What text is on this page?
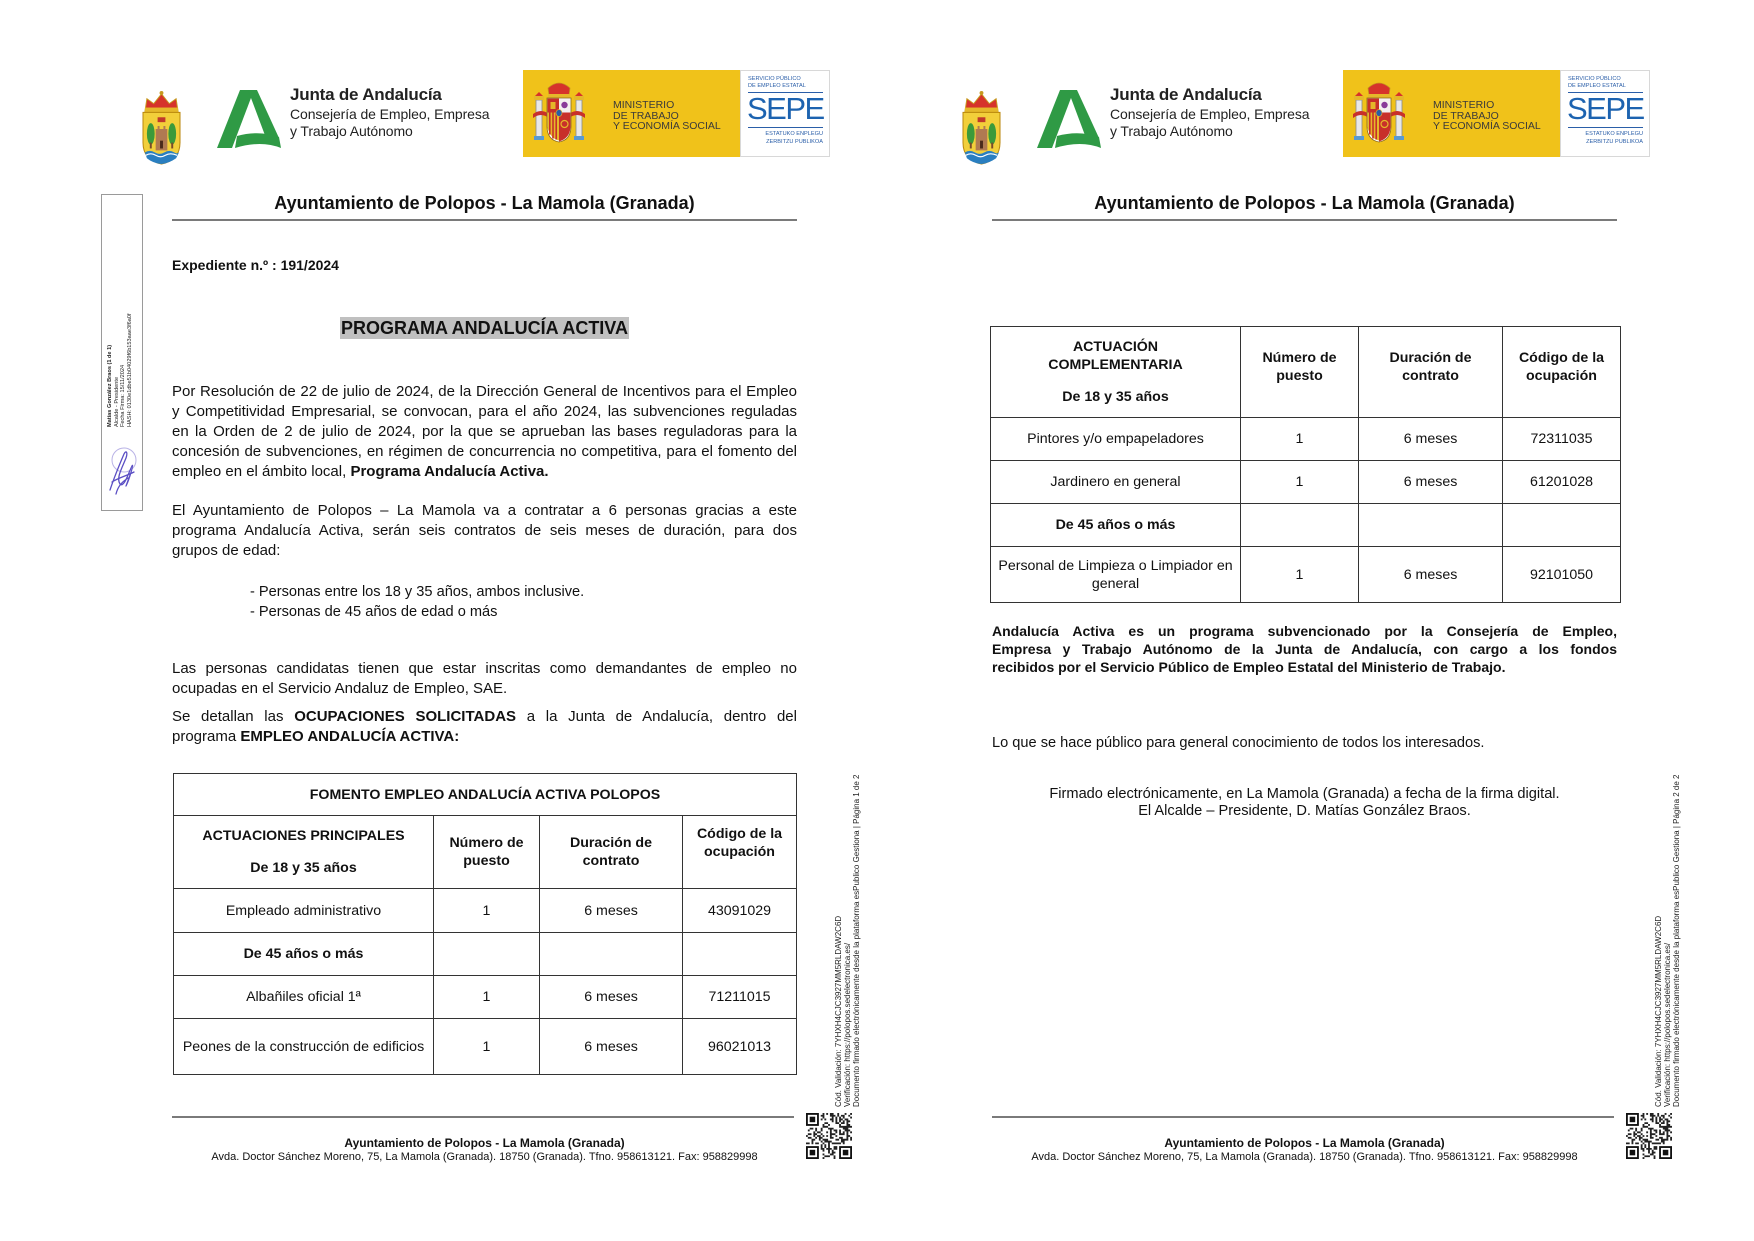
Junta de Andalucía
Consejería de Empleo, Empresa
y Trabajo Autónomo
MINISTERIO
DE TRABAJO
Y ECONOMÍA SOCIAL
SERVICIO PÚBLICO
DE EMPLEO ESTATAL
SEPE
ESTATUKO ENPLEGU
ZERBITZU PUBLIKOA
Matías González Braos (1 de 1) Alcalde - Presidente Fecha Firma: 15/11/2024 HASH: 0130e1dbe51b04029f6b153aae3f6a0f
Ayuntamiento de Polopos - La Mamola (Granada)
Expediente n.º : 191/2024
PROGRAMA ANDALUCÍA ACTIVA
Por Resolución de 22 de julio de 2024, de la Dirección General de Incentivos para el Empleo
y Competitividad Empresarial, se convocan, para el año 2024, las subvenciones reguladas
en la Orden de 2 de julio de 2024, por la que se aprueban las bases reguladoras para la
concesión de subvenciones, en régimen de concurrencia no competitiva, para el fomento del
empleo en el ámbito local, Programa Andalucía Activa.
El Ayuntamiento de Polopos – La Mamola va a contratar a 6 personas gracias a este
programa Andalucía Activa, serán seis contratos de seis meses de duración, para dos
grupos de edad:
- Personas entre los 18 y 35 años, ambos inclusive.
- Personas de 45 años de edad o más
Las personas candidatas tienen que estar inscritas como demandantes de empleo no
ocupadas en el Servicio Andaluz de Empleo, SAE.
Se detallan las OCUPACIONES SOLICITADAS a la Junta de Andalucía, dentro del
programa EMPLEO ANDALUCÍA ACTIVA:
FOMENTO EMPLEO ANDALUCÍA ACTIVA POLOPOS			

ACTUACIONES PRINCIPALES
De 18 y 35 años	Número de puesto	Duración de contrato	Código de la ocupación
Empleado administrativo	1	6 meses	43091029
De 45 años o más			
Albañiles oficial 1ª	1	6 meses	71211015
Peones de la construcción de edificios	1	6 meses	96021013	Cód. Validación: 7YHXH4CJC3927MM5RLDAW2C6D Verificación: https://polopos.sedelectronica.es/ Documento firmado electrónicamente desde la plataforma esPublico Gestiona | Página 1 de 2
Ayuntamiento de Polopos - La Mamola (Granada)
Avda. Doctor Sánchez Moreno, 75, La Mamola (Granada). 18750 (Granada). Tfno. 958613121. Fax: 958829998
Junta de Andalucía
Consejería de Empleo, Empresa
y Trabajo Autónomo
MINISTERIO
DE TRABAJO
Y ECONOMÍA SOCIAL
SERVICIO PÚBLICO
DE EMPLEO ESTATAL
SEPE
ESTATUKO ENPLEGU
ZERBITZU PUBLIKOA
Ayuntamiento de Polopos - La Mamola (Granada)
ACTUACIÓN
COMPLEMENTARIA
De 18 y 35 años	Número de puesto	Duración de contrato	Código de la ocupación
Pintores y/o empapeladores	1	6 meses	72311035
Jardinero en general	1	6 meses	61201028
De 45 años o más			
Personal de Limpieza o Limpiador en general	1	6 meses	92101050
Andalucía Activa es un programa subvencionado por la Consejería de Empleo,
Empresa y Trabajo Autónomo de la Junta de Andalucía, con cargo a los fondos
recibidos por el Servicio Público de Empleo Estatal del Ministerio de Trabajo.
Lo que se hace público para general conocimiento de todos los interesados.
Firmado electrónicamente, en La Mamola (Granada) a fecha de la firma digital.
El Alcalde – Presidente, D. Matías González Braos.
Cód. Validación: 7YHXH4CJC3927MM5RLDAW2C6D Verificación: https://polopos.sedelectronica.es/ Documento firmado electrónicamente desde la plataforma esPublico Gestiona | Página 2 de 2
Ayuntamiento de Polopos - La Mamola (Granada)
Avda. Doctor Sánchez Moreno, 75, La Mamola (Granada). 18750 (Granada). Tfno. 958613121. Fax: 958829998
